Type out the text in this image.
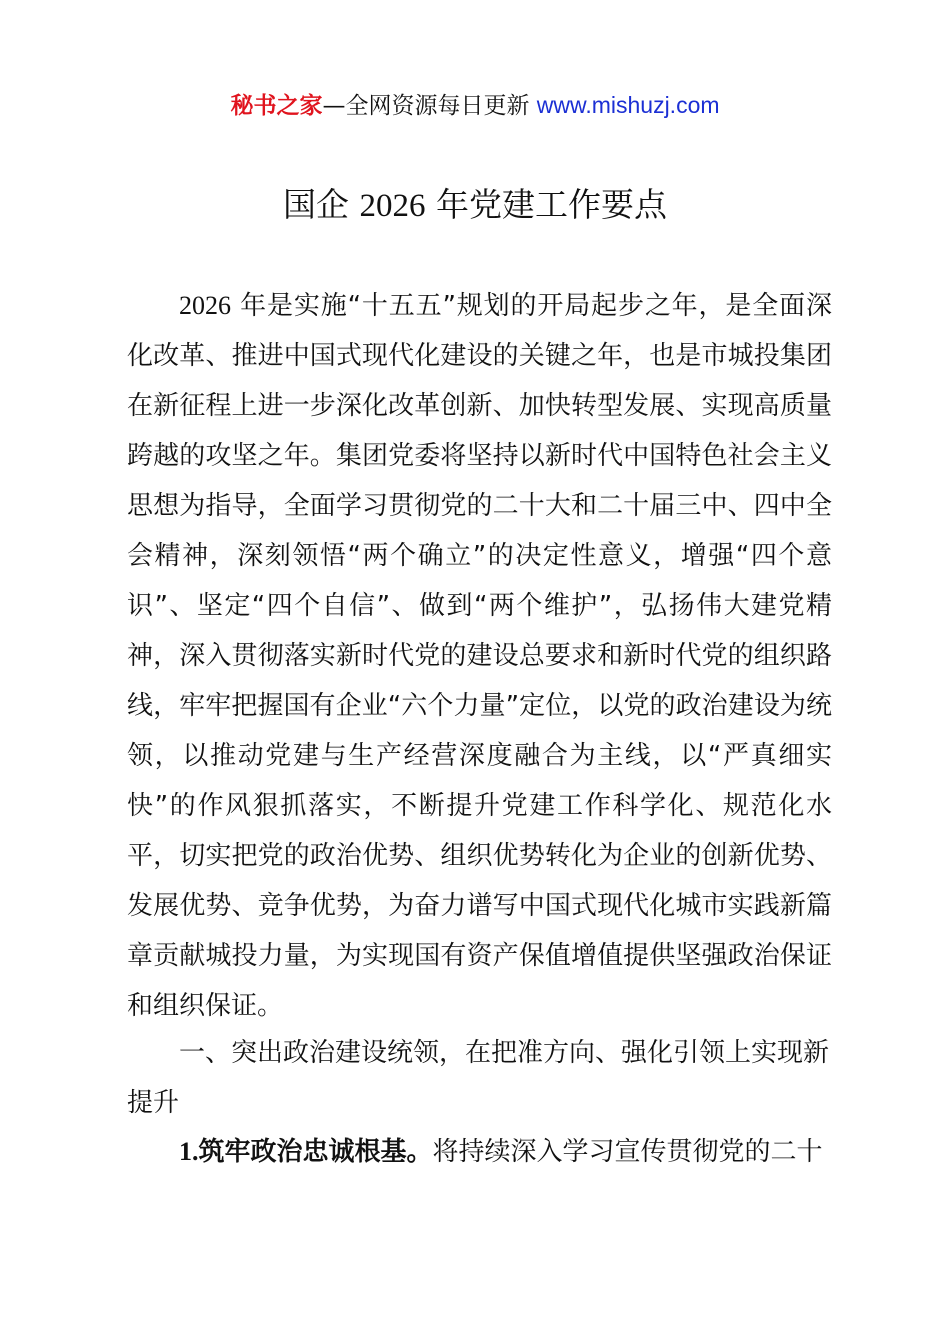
秘书之家—全网资源每日更新 www.mishuzj.com
国企 2026 年党建工作要点

2026 年是实施“十五五”规划的开局起步之年，是全面深化改革、推进中国式现代化建设的关键之年，也是市城投集团在新征程上进一步深化改革创新、加快转型发展、实现高质量跨越的攻坚之年。集团党委将坚持以新时代中国特色社会主义思想为指导，全面学习贯彻党的二十大和二十届三中、四中全会精神，深刻领悟“两个确立”的决定性意义，增强“四个意识”、坚定“四个自信”、做到“两个维护”，弘扬伟大建党精神，深入贯彻落实新时代党的建设总要求和新时代党的组织路线，牢牢把握国有企业“六个力量”定位，以党的政治建设为统领，以推动党建与生产经营深度融合为主线，以“严真细实快”的作风狠抓落实，不断提升党建工作科学化、规范化水平，切实把党的政治优势、组织优势转化为企业的创新优势、发展优势、竞争优势，为奋力谱写中国式现代化城市实践新篇章贡献城投力量，为实现国有资产保值增值提供坚强政治保证和组织保证。

一、突出政治建设统领，在把准方向、强化引领上实现新提升

1.筑牢政治忠诚根基。将持续深入学习宣传贯彻党的二十
